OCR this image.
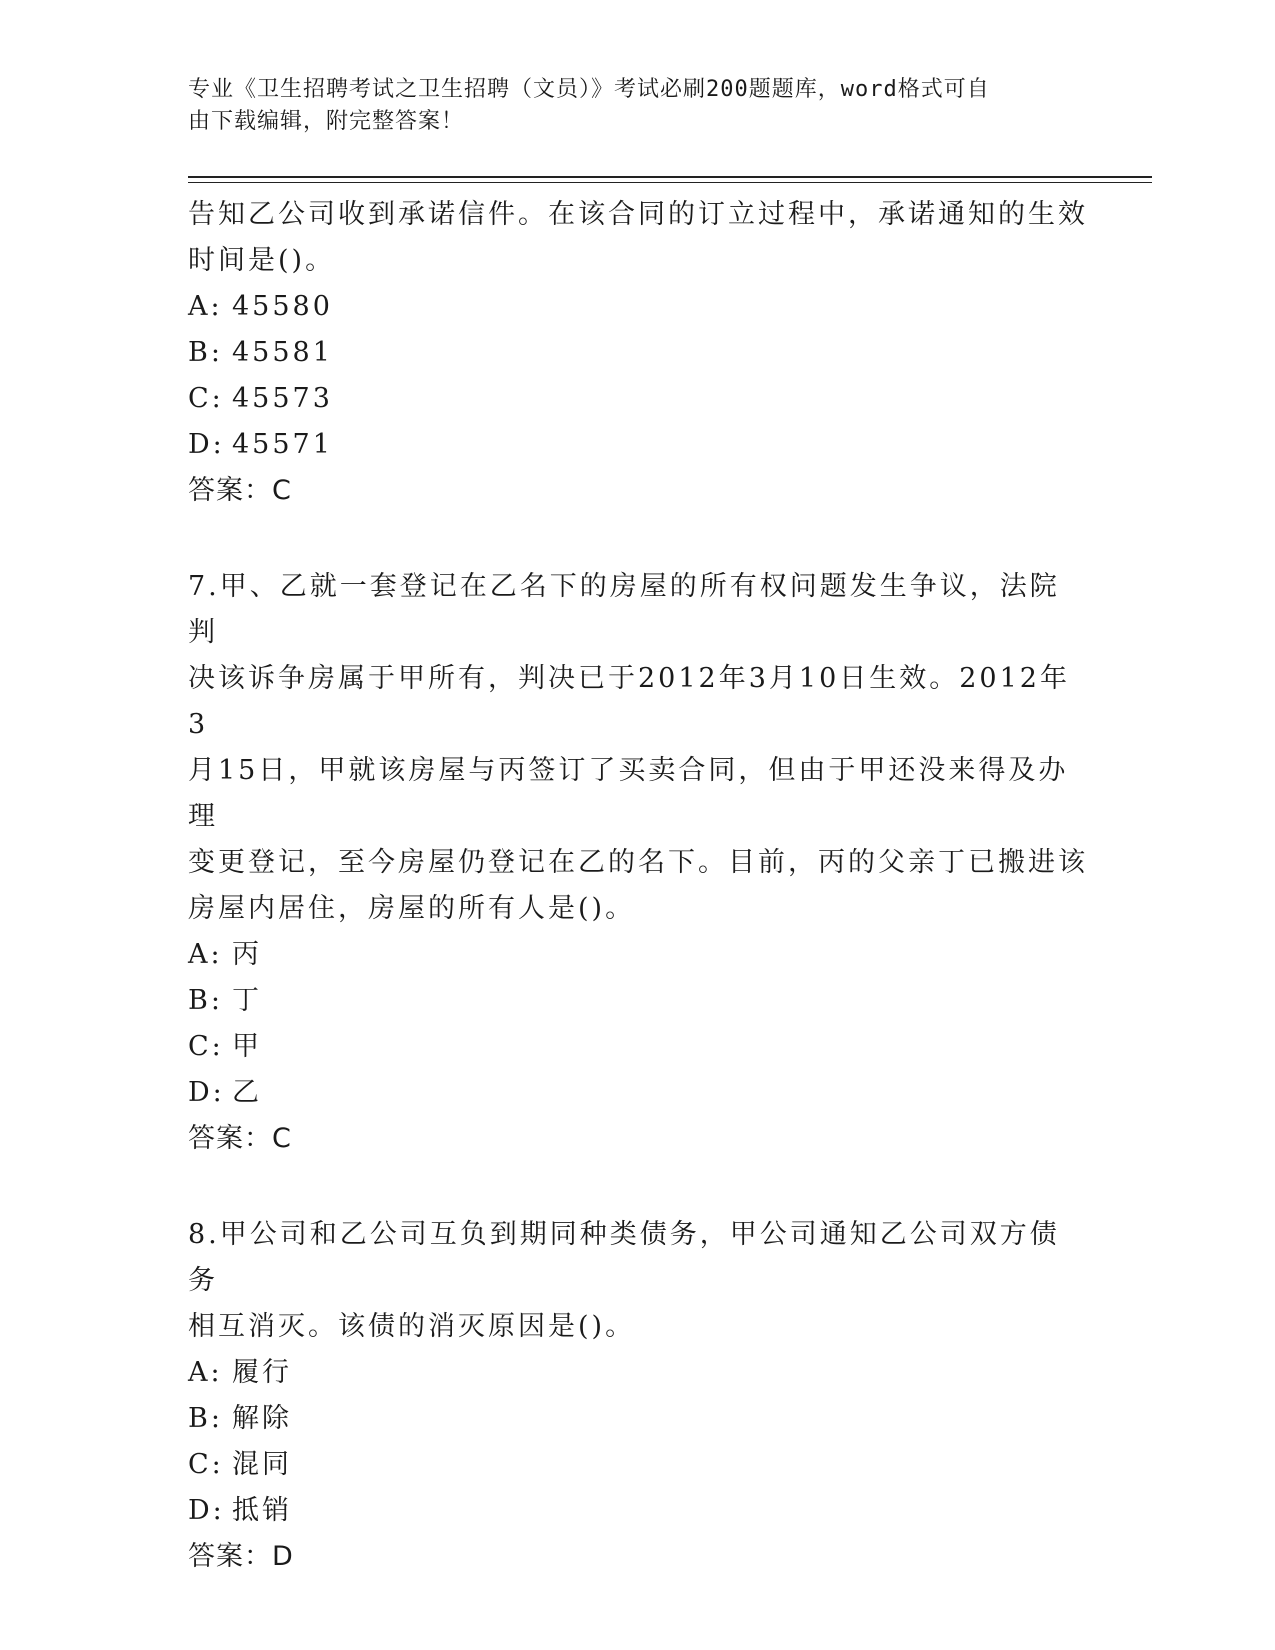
专业《卫生招聘考试之卫生招聘（文员）》考试必刷200题题库，word格式可自
由下载编辑，附完整答案！

告知乙公司收到承诺信件。在该合同的订立过程中，承诺通知的生效

时间是()。

A: 45580

B: 45581

C: 45573

D: 45571

答案：C

7.甲、乙就一套登记在乙名下的房屋的所有权问题发生争议，法院判

决该诉争房属于甲所有，判决已于2012年3月10日生效。2012年3

月15日，甲就该房屋与丙签订了买卖合同，但由于甲还没来得及办理

变更登记，至今房屋仍登记在乙的名下。目前，丙的父亲丁已搬进该

房屋内居住，房屋的所有人是()。

A: 丙

B: 丁

C: 甲

D: 乙

答案：C

8.甲公司和乙公司互负到期同种类债务，甲公司通知乙公司双方债务

相互消灭。该债的消灭原因是()。

A: 履行

B: 解除

C: 混同

D: 抵销

答案：D
